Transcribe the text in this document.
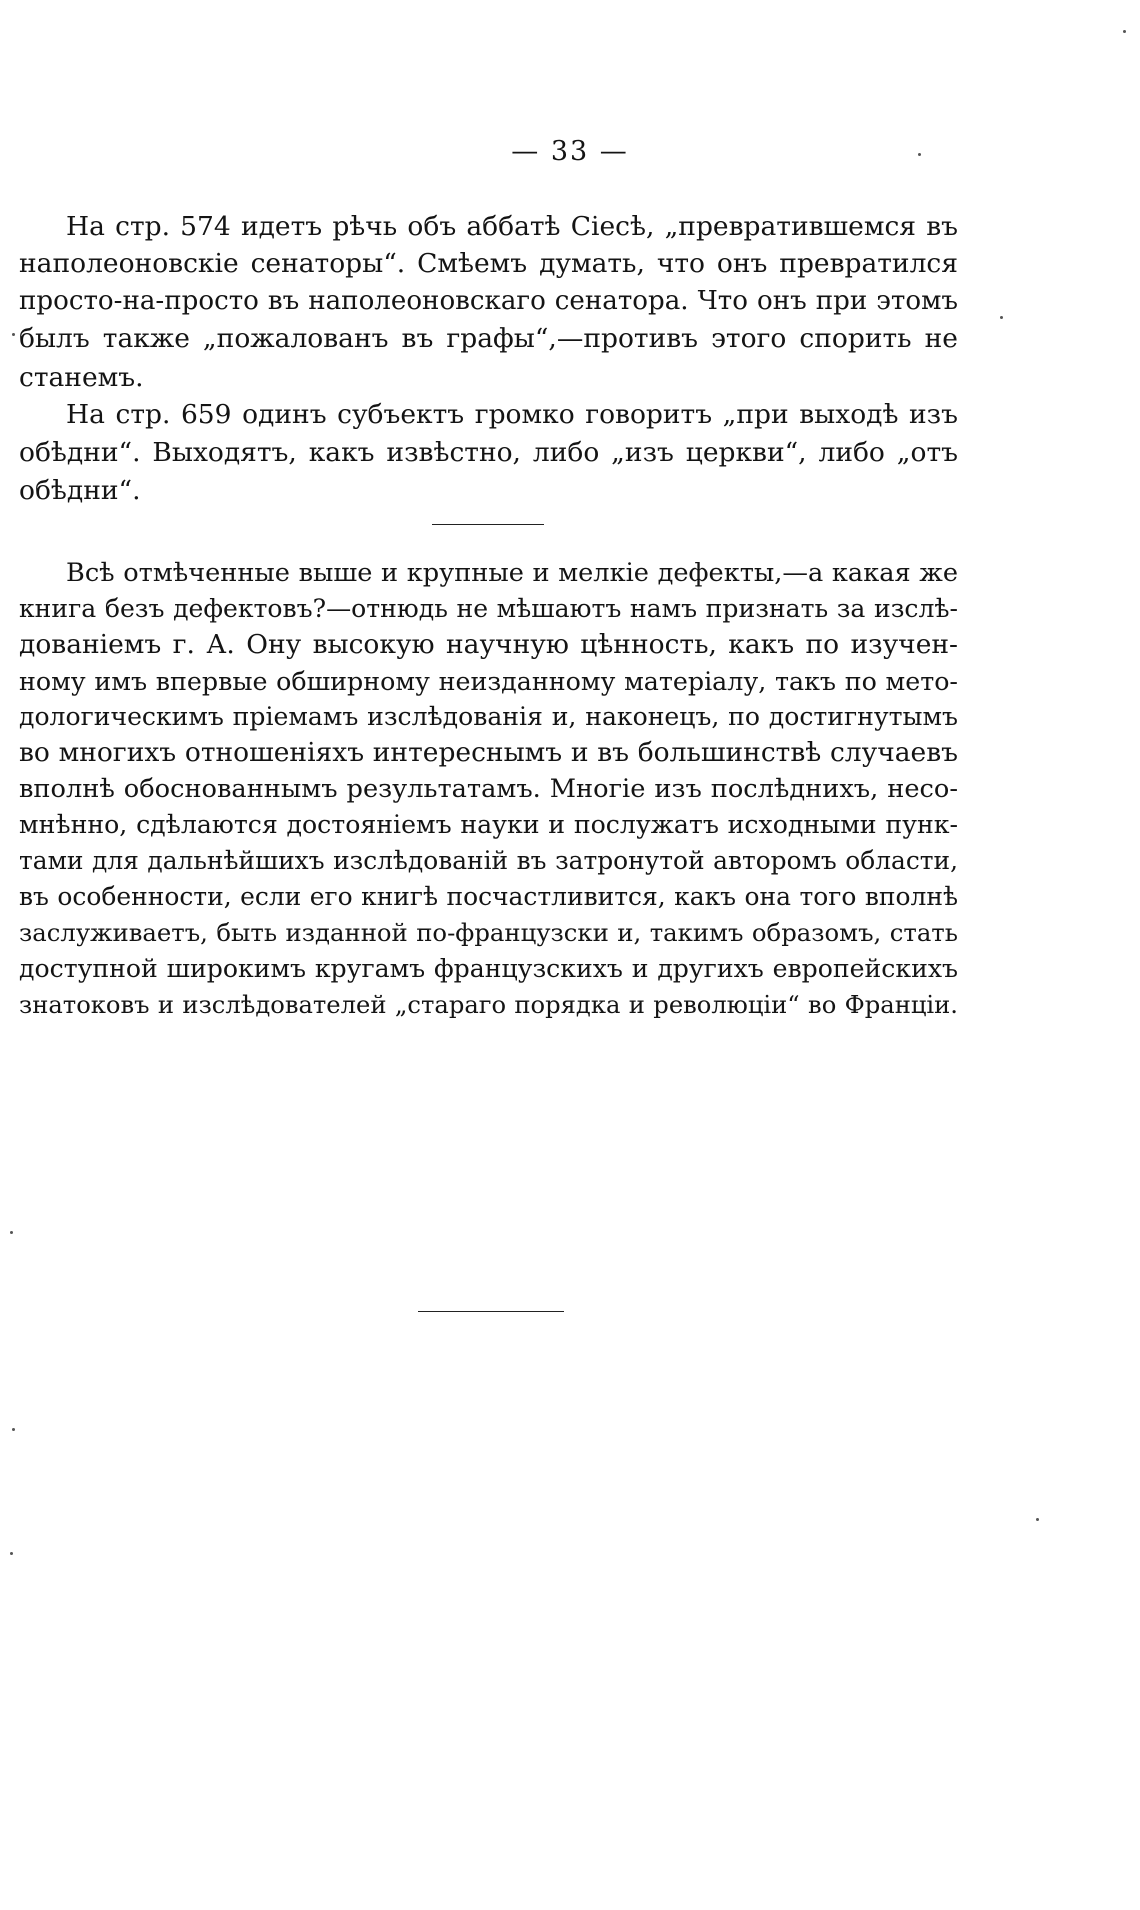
— 33 —
На стр. 574 идетъ рѣчь объ аббатѣ Сіесѣ, „превратившемся въ
наполеоновскіе сенаторы“. Смѣемъ думать, что онъ превратился
просто-на-просто въ наполеоновскаго сенатора. Что онъ при этомъ
былъ также „пожалованъ въ графы“,—противъ этого спорить не
станемъ.
На стр. 659 одинъ субъектъ громко говоритъ „при выходѣ изъ
обѣдни“. Выходятъ, какъ извѣстно, либо „изъ церкви“, либо „отъ
обѣдни“.
Всѣ отмѣченные выше и крупные и мелкіе дефекты,—а какая же
книга безъ дефектовъ?—отнюдь не мѣшаютъ намъ признать за изслѣ-
дованіемъ г. А. Ону высокую научную цѣнность, какъ по изучен-
ному имъ впервые обширному неизданному матеріалу, такъ по мето-
дологическимъ пріемамъ изслѣдованія и, наконецъ, по достигнутымъ
во многихъ отношеніяхъ интереснымъ и въ большинствѣ случаевъ
вполнѣ обоснованнымъ результатамъ. Многіе изъ послѣднихъ, несо-
мнѣнно, сдѣлаются достояніемъ науки и послужатъ исходными пунк-
тами для дальнѣйшихъ изслѣдованій въ затронутой авторомъ области,
въ особенности, если его книгѣ посчастливится, какъ она того вполнѣ
заслуживаетъ, быть изданной по-французски и, такимъ образомъ, стать
доступной широкимъ кругамъ французскихъ и другихъ европейскихъ
знатоковъ и изслѣдователей „стараго порядка и революціи“ во Франціи.
